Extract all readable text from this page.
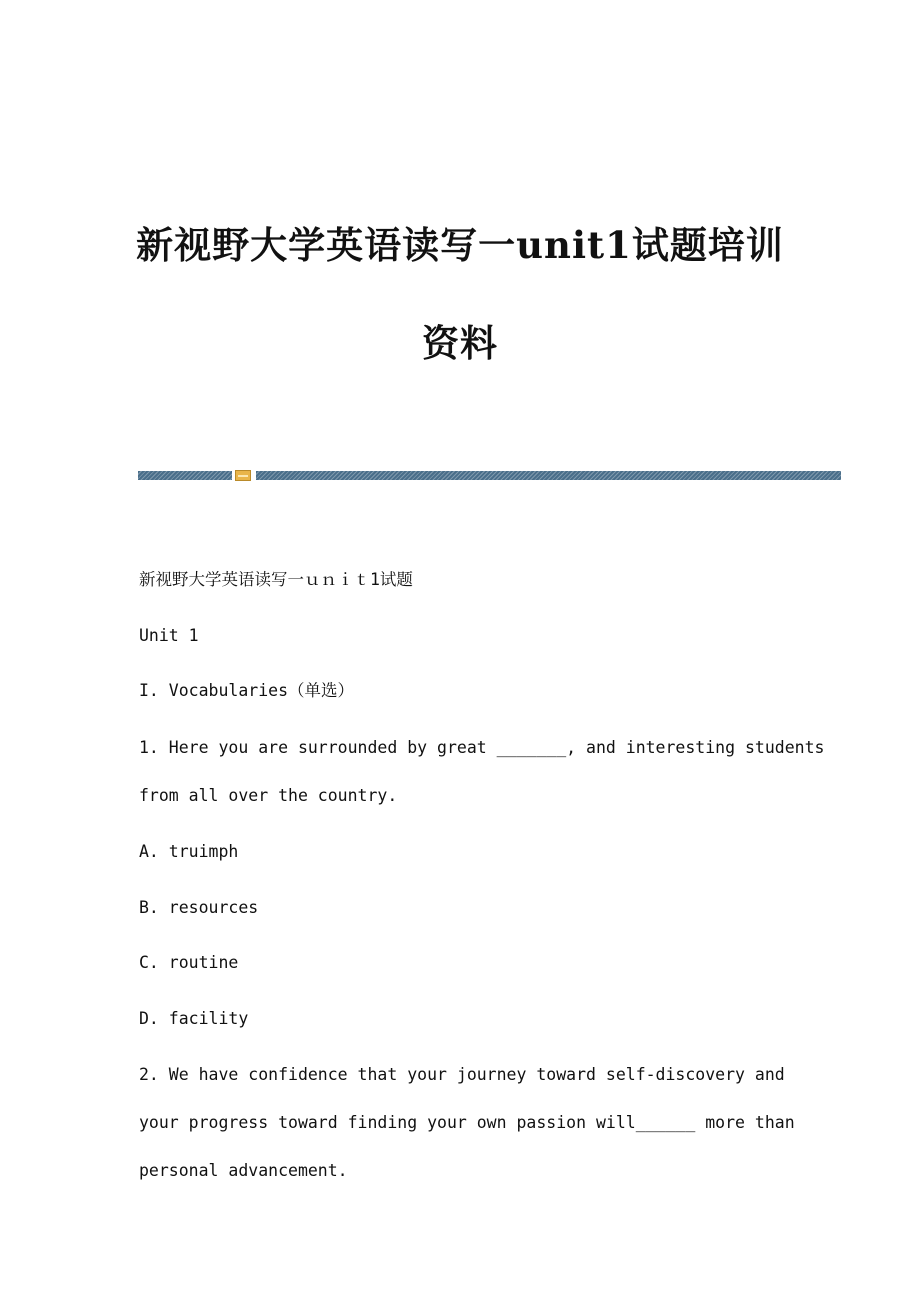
新视野大学英语读写一unit1试题培训
资料
新视野大学英语读写一ｕｎｉｔ1试题
Unit 1
I. Vocabularies（单选）
1. Here you are surrounded by great _______, and interesting students
from all over the country.
A. truimph
B. resources
C. routine
D. facility
2. We have confidence that your journey toward self-discovery and
your progress toward finding your own passion will______ more than
personal advancement.
